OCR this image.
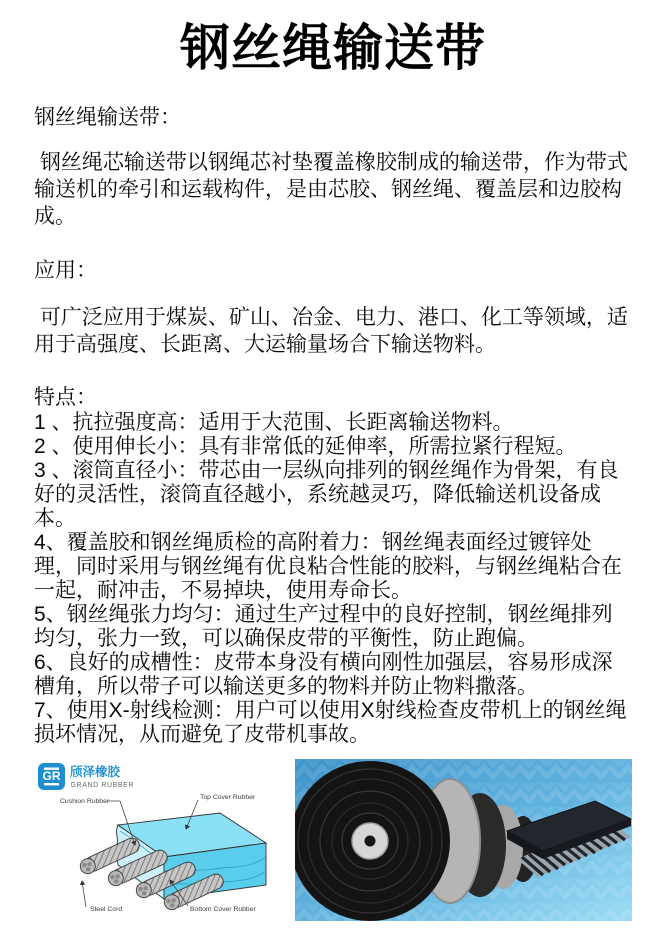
钢丝绳输送带
钢丝绳输送带：
钢丝绳芯输送带以钢绳芯衬垫覆盖橡胶制成的输送带，作为带式输送机的牵引和运载构件，是由芯胶、钢丝绳、覆盖层和边胶构成。
应用：
可广泛应用于煤炭、矿山、冶金、电力、港口、化工等领域，适用于高强度、长距离、大运输量场合下输送物料。
特点：
1 、抗拉强度高：适用于大范围、长距离输送物料。
2 、使用伸长小：具有非常低的延伸率，所需拉紧行程短。
3 、滚筒直径小：带芯由一层纵向排列的钢丝绳作为骨架，有良好的灵活性，滚筒直径越小，系统越灵巧，降低输送机设备成本。
4、覆盖胶和钢丝绳质检的高附着力：钢丝绳表面经过镀锌处理，同时采用与钢丝绳有优良粘合性能的胶料，与钢丝绳粘合在一起，耐冲击，不易掉块，使用寿命长。
5、钢丝绳张力均匀：通过生产过程中的良好控制，钢丝绳排列均匀，张力一致，可以确保皮带的平衡性，防止跑偏。
6、良好的成槽性：皮带本身没有横向刚性加强层，容易形成深槽角，所以带子可以输送更多的物料并防止物料撒落。
7、使用X-射线检测：用户可以使用X射线检查皮带机上的钢丝绳损坏情况，从而避免了皮带机事故。
GR 颀泽橡胶
GRAND RUBBER
Cushion Rubber
Top Cover Rubber
Steel Cord	Bottom Cover Rubber
